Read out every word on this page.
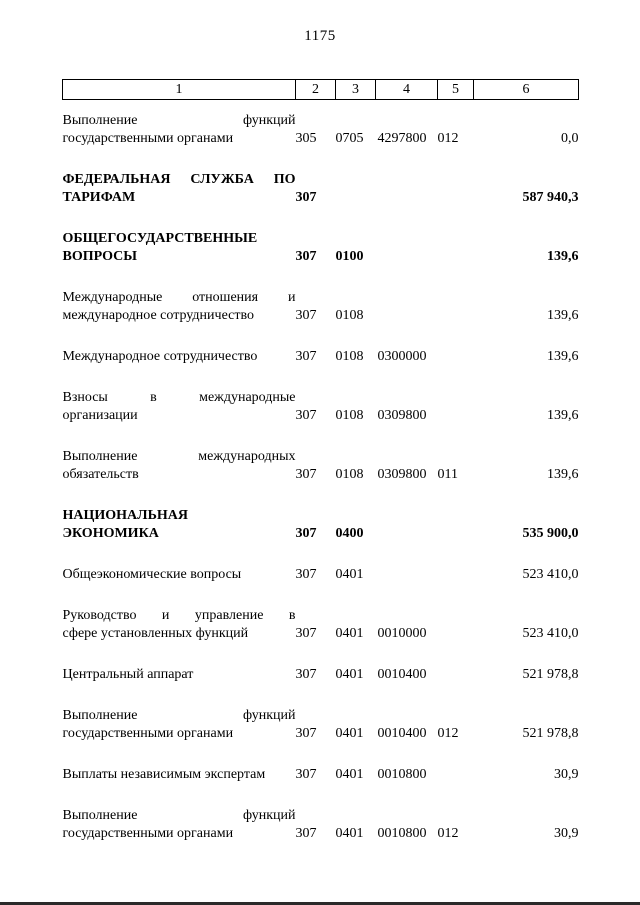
1175
1	2	3	4	5	6

Выполнение функций
государственными органами	305	0705	4297800	012	0,0

ФЕДЕРАЛЬНАЯ СЛУЖБА ПО
ТАРИФАМ	307				587 940,3

ОБЩЕГОСУДАРСТВЕННЫЕ
ВОПРОСЫ	307	0100			139,6

Международные отношения и
международное сотрудничество	307	0108			139,6

Международное сотрудничество	307	0108	0300000		139,6

Взносы в международные
организации	307	0108	0309800		139,6

Выполнение международных
обязательств	307	0108	0309800	011	139,6

НАЦИОНАЛЬНАЯ
ЭКОНОМИКА	307	0400			535 900,0

Общеэкономические вопросы	307	0401			523 410,0

Руководство и управление в
сфере установленных функций	307	0401	0010000		523 410,0

Центральный аппарат	307	0401	0010400		521 978,8

Выполнение функций
государственными органами	307	0401	0010400	012	521 978,8

Выплаты независимым экспертам	307	0401	0010800		30,9

Выполнение функций
государственными органами	307	0401	0010800	012	30,9
